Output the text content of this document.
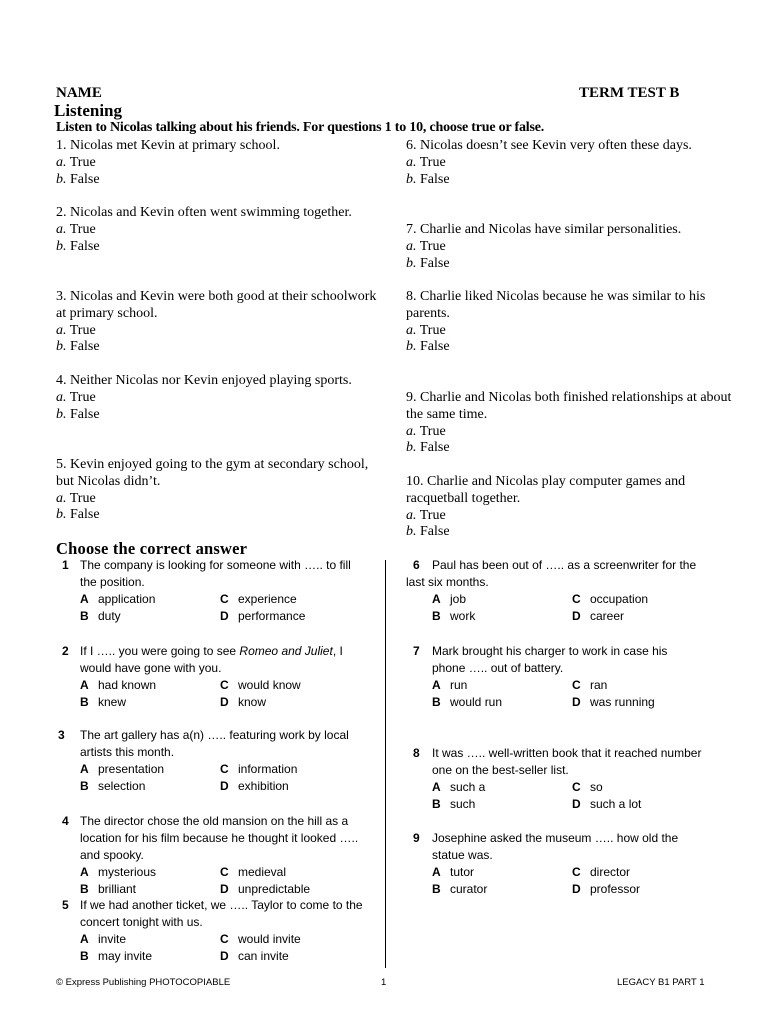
NAME	TERM TEST B
Listening
Listen to Nicolas talking about his friends. For questions 1 to 10, choose true or false.
1. Nicolas met Kevin at primary school.
a. True
b. False
2. Nicolas and Kevin often went swimming together.
a. True
b. False
3. Nicolas and Kevin were both good at their schoolwork at primary school.
a. True
b. False
4. Neither Nicolas nor Kevin enjoyed playing sports.
a. True
b. False
5. Kevin enjoyed going to the gym at secondary school, but Nicolas didn’t.
a. True
b. False
6. Nicolas doesn’t see Kevin very often these days.
a. True
b. False
7. Charlie and Nicolas have similar personalities.
a. True
b. False
8. Charlie liked Nicolas because he was similar to his parents.
a. True
b. False
9. Charlie and Nicolas both finished relationships at about the same time.
a. True
b. False
10. Charlie and Nicolas play computer games and racquetball together.
a. True
b. False
Choose the correct answer
1 The company is looking for someone with ….. to fill the position.
A application	C experience
B duty	D performance
2 If I ….. you were going to see Romeo and Juliet, I would have gone with you.
A had known	C would know
B knew	D know
3 The art gallery has a(n) ….. featuring work by local artists this month.
A presentation	C information
B selection	D exhibition
4 The director chose the old mansion on the hill as a location for his film because he thought it looked ….. and spooky.
A mysterious	C medieval
B brilliant	D unpredictable
5 If we had another ticket, we ….. Taylor to come to the concert tonight with us.
A invite	C would invite
B may invite	D can invite
6	Paul has been out of ….. as a screenwriter for the last six months.
A job	C occupation
B work	D career
7 Mark brought his charger to work in case his phone ….. out of battery.
A run	C ran
B would run	D was running
8 It was ….. well-written book that it reached number one on the best-seller list.
A such a	C so
B such	D such a lot
9 Josephine asked the museum ….. how old the statue was.
A tutor	C director
B curator	D professor
© Express Publishing PHOTOCOPIABLE	1	LEGACY B1 PART 1
